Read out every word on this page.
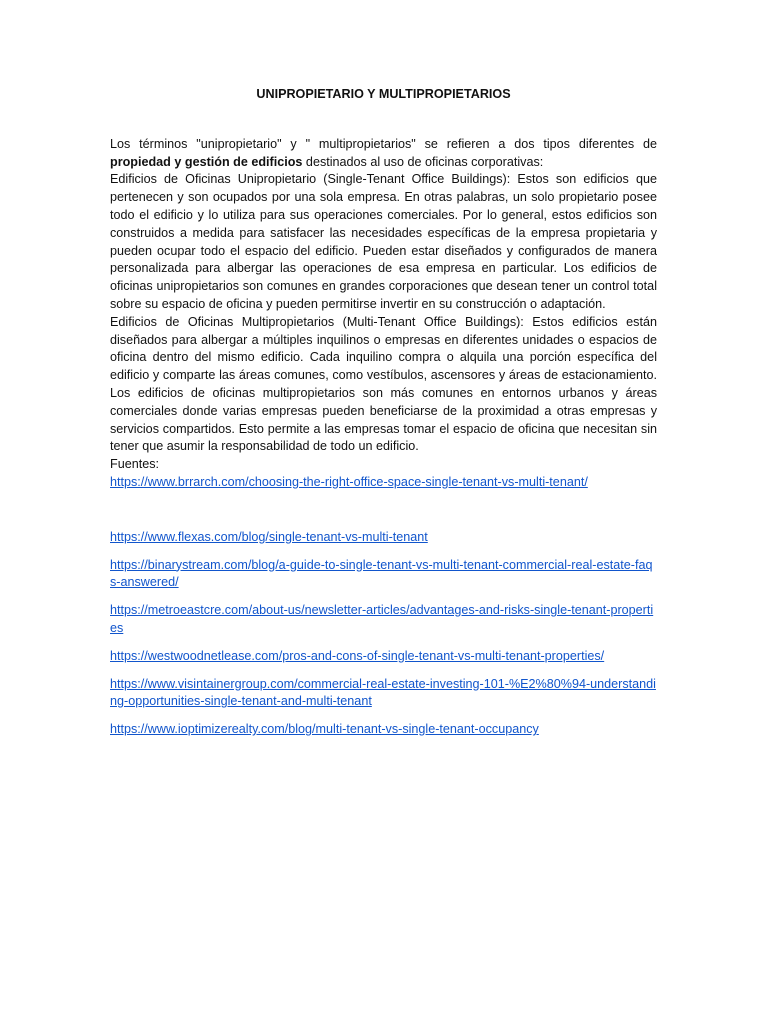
UNIPROPIETARIO Y MULTIPROPIETARIOS

Los términos "unipropietario" y " multipropietarios" se refieren a dos tipos diferentes de propiedad y gestión de edificios destinados al uso de oficinas corporativas:

Edificios de Oficinas Unipropietario (Single-Tenant Office Buildings): Estos son edificios que pertenecen y son ocupados por una sola empresa. En otras palabras, un solo propietario posee todo el edificio y lo utiliza para sus operaciones comerciales. Por lo general, estos edificios son construidos a medida para satisfacer las necesidades específicas de la empresa propietaria y pueden ocupar todo el espacio del edificio. Pueden estar diseñados y configurados de manera personalizada para albergar las operaciones de esa empresa en particular. Los edificios de oficinas unipropietarios son comunes en grandes corporaciones que desean tener un control total sobre su espacio de oficina y pueden permitirse invertir en su construcción o adaptación.

Edificios de Oficinas Multipropietarios (Multi-Tenant Office Buildings): Estos edificios están diseñados para albergar a múltiples inquilinos o empresas en diferentes unidades o espacios de oficina dentro del mismo edificio. Cada inquilino compra o alquila una porción específica del edificio y comparte las áreas comunes, como vestíbulos, ascensores y áreas de estacionamiento. Los edificios de oficinas multipropietarios son más comunes en entornos urbanos y áreas comerciales donde varias empresas pueden beneficiarse de la proximidad a otras empresas y servicios compartidos. Esto permite a las empresas tomar el espacio de oficina que necesitan sin tener que asumir la responsabilidad de todo un edificio.

Fuentes:

https://www.brrarch.com/choosing-the-right-office-space-single-tenant-vs-multi-tenant/
https://www.flexas.com/blog/single-tenant-vs-multi-tenant
https://binarystream.com/blog/a-guide-to-single-tenant-vs-multi-tenant-commercial-real-estate-faqs-answered/
https://metroeastcre.com/about-us/newsletter-articles/advantages-and-risks-single-tenant-properties
https://westwoodnetlease.com/pros-and-cons-of-single-tenant-vs-multi-tenant-properties/
https://www.visintainergroup.com/commercial-real-estate-investing-101-%E2%80%94-understanding-opportunities-single-tenant-and-multi-tenant
https://www.ioptimizerealty.com/blog/multi-tenant-vs-single-tenant-occupancy
